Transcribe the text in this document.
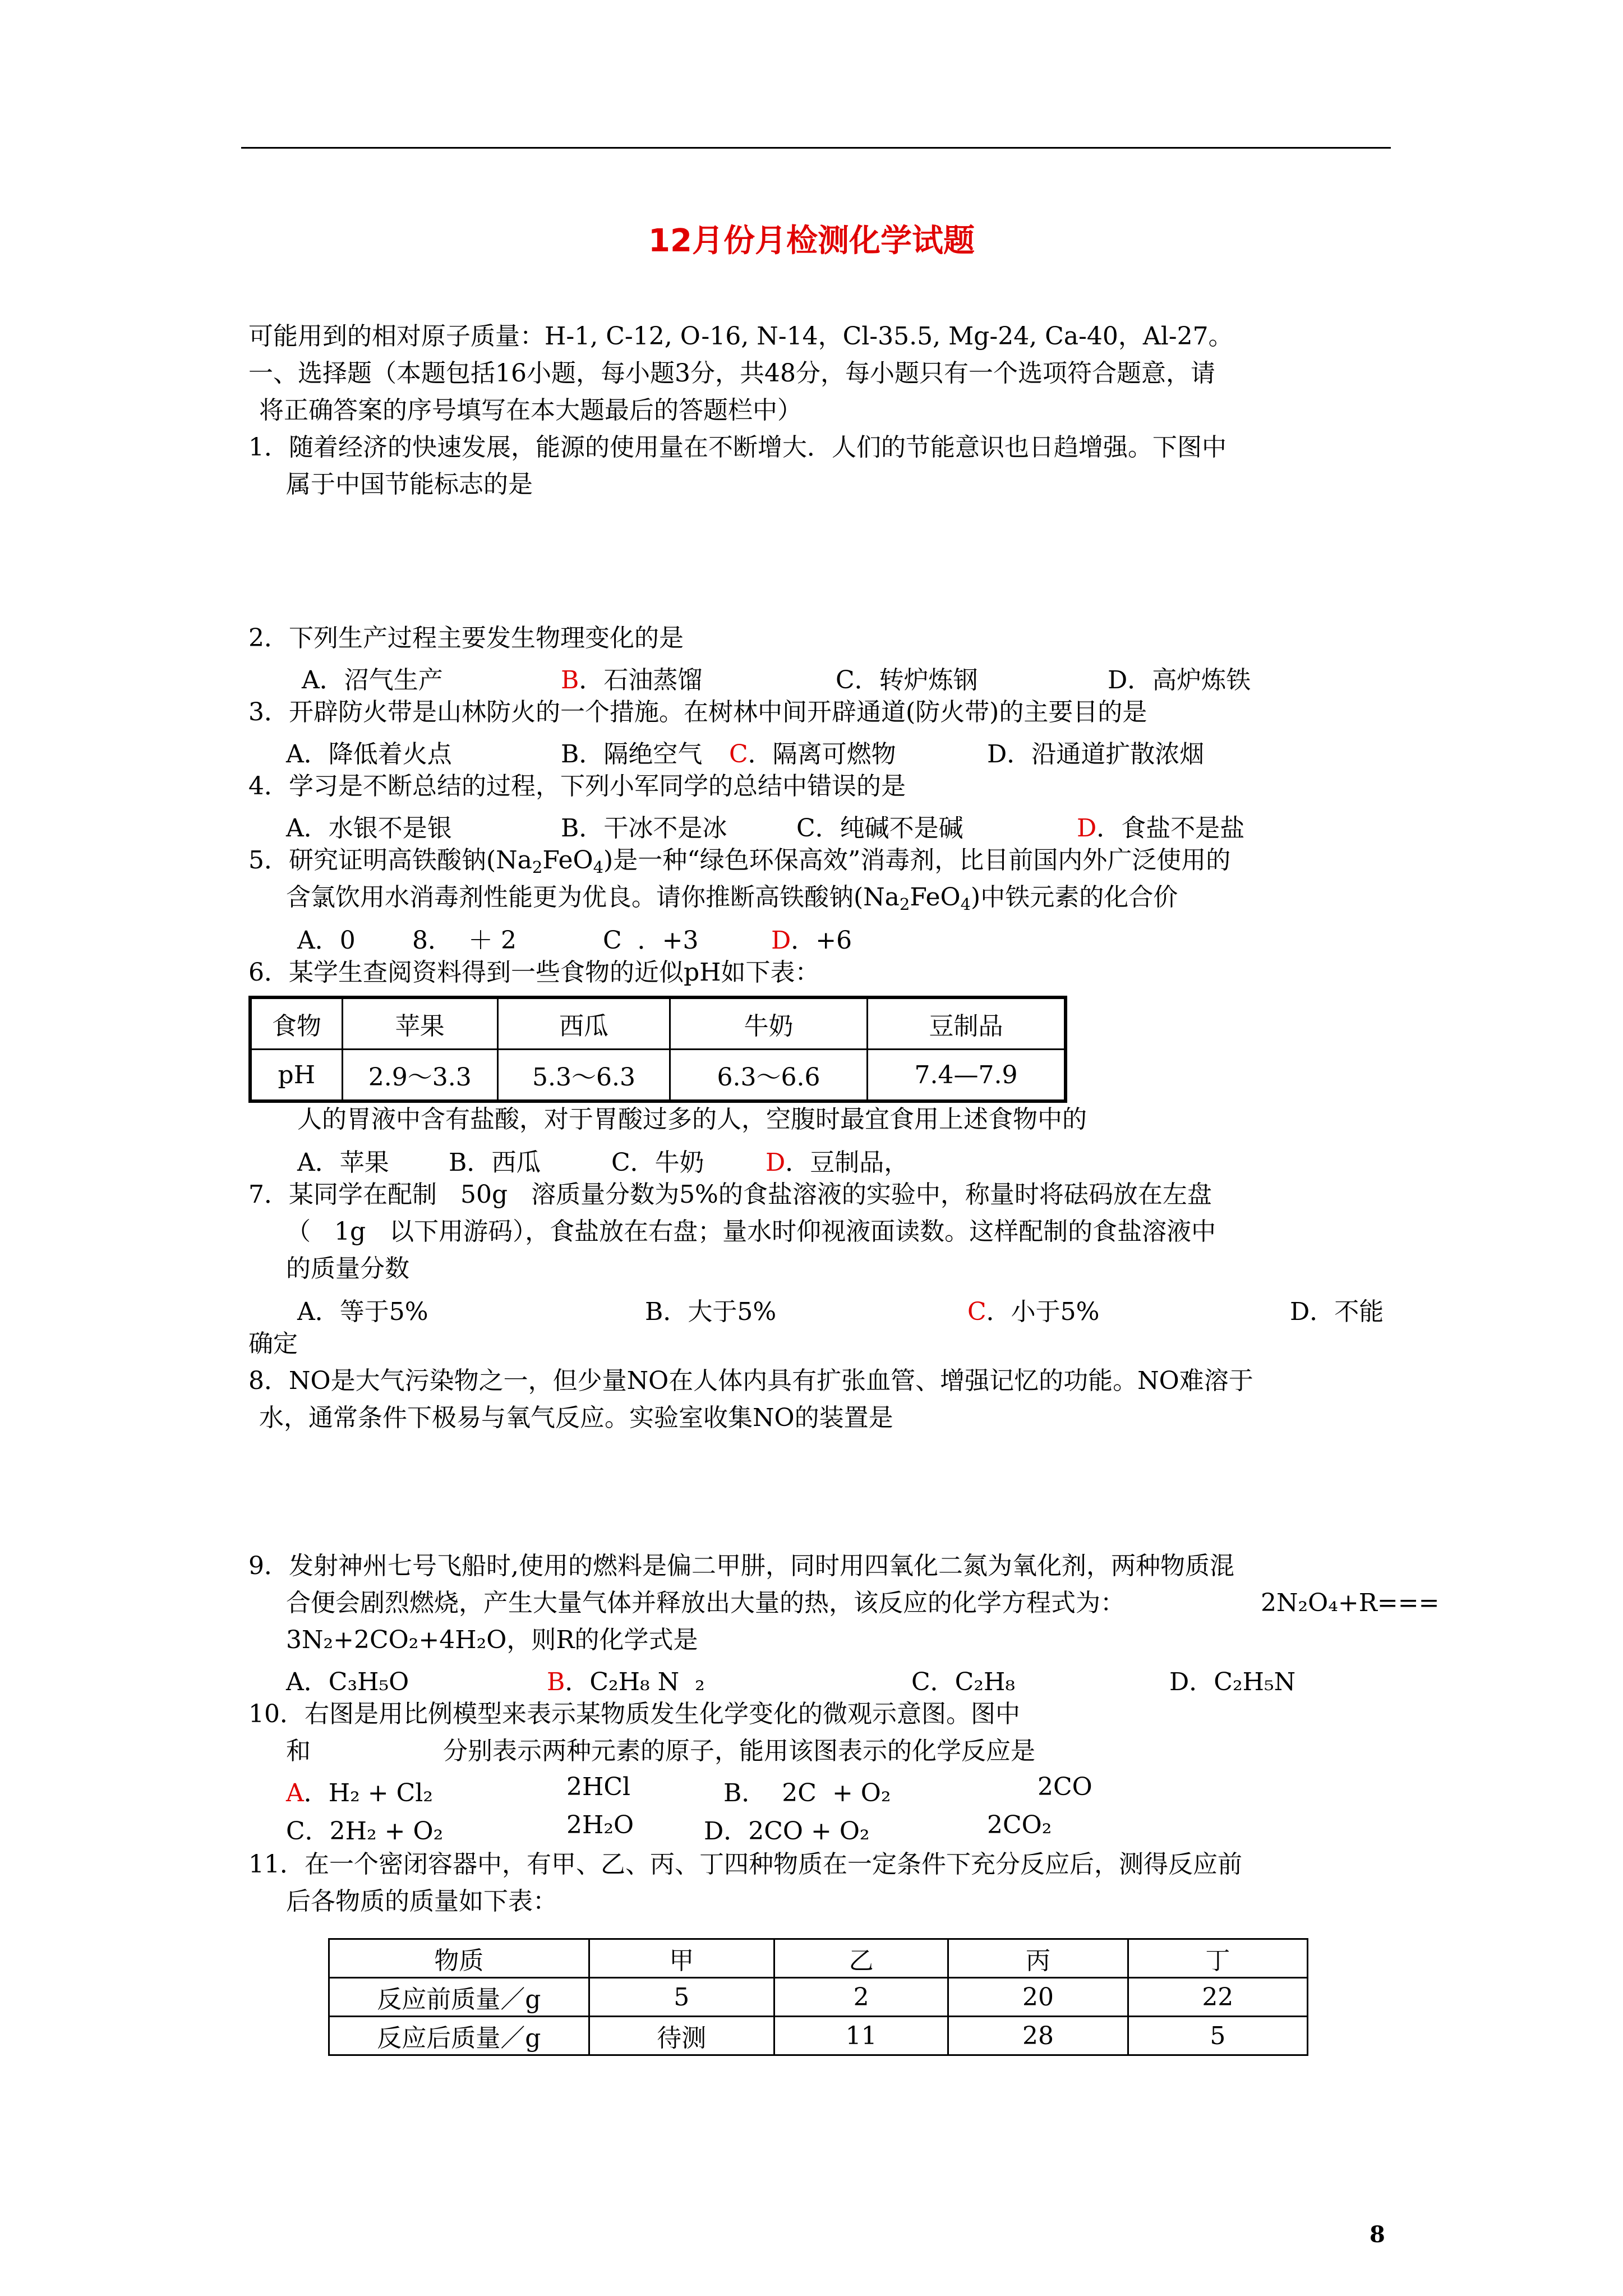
12月份月检测化学试题
可能用到的相对原子质量：H-1, C-12, O-16, N-14，Cl-35.5, Mg-24, Ca-40，Al-27。
一、选择题（本题包括16小题，每小题3分，共48分，每小题只有一个选项符合题意，请
将正确答案的序号填写在本大题最后的答题栏中）
1．随着经济的快速发展，能源的使用量在不断增大．人们的节能意识也日趋增强。下图中
属于中国节能标志的是
2．下列生产过程主要发生物理变化的是
A．沼气生产	B．石油蒸馏	C．转炉炼钢	D．高炉炼铁
3．开辟防火带是山林防火的一个措施。在树林中间开辟通道(防火带)的主要目的是
A．降低着火点	B．隔绝空气 C．隔离可燃物	D．沿通道扩散浓烟
4．学习是不断总结的过程，下列小军同学的总结中错误的是
A．水银不是银	B．干冰不是冰	C．纯碱不是碱	D．食盐不是盐
5．研究证明高铁酸钠$(Na_2FeO_4)$是一种“绿色环保高效”消毒剂，比目前国内外广泛使用的
含氯饮用水消毒剂性能更为优良。请你推断高铁酸钠$(Na_2FeO_4)$中铁元素的化合价
A．0 8．  ＋ 2	C  ．+3	D．+6
6．某学生查阅资料得到一些食物的近似pH如下表：
食物	苹果	西瓜	牛奶	豆制品
pH	2.9～3.3	5.3～6.3	6.3～6.6	7.4—7.9
人的胃液中含有盐酸，对于胃酸过多的人，空腹时最宜食用上述食物中的
A．苹果 B．西瓜	C．牛奶 D．豆制品，
7．某同学在配制   50g   溶质量分数为5%的食盐溶液的实验中，称量时将砝码放在左盘
（   1g   以下用游码），食盐放在右盘；量水时仰视液面读数。这样配制的食盐溶液中
的质量分数
A．等于5%	B．大于5%	C．小于5%	D．不能
确定
8．NO是大气污染物之一，但少量NO在人体内具有扩张血管、增强记忆的功能。NO难溶于
水，通常条件下极易与氧气反应。实验室收集NO的装置是
9．发射神州七号飞船时,使用的燃料是偏二甲肼，同时用四氧化二氮为氧化剂，两种物质混
合便会剧烈燃烧，产生大量气体并释放出大量的热，该反应的化学方程式为：	2N₂O₄+R===
3N₂+2CO₂+4H₂O，则R的化学式是
A．C₃H₅O	B．C₂H₈ N  ₂	C．C₂H₈	D．C₂H₅N
10．右图是用比例模型来表示某物质发生化学变化的微观示意图。图中
和	分别表示两种元素的原子，能用该图表示的化学反应是
A．H₂ + Cl₂	2HCl	B．  2C  + O₂	2CO
C．2H₂ + O₂	2H₂O	D．2CO + O₂	2CO₂
11．在一个密闭容器中，有甲、乙、丙、丁四种物质在一定条件下充分反应后，测得反应前
后各物质的质量如下表：
物质	甲	乙	丙	丁
反应前质量／g	5	2	20	22
反应后质量／g	待测	11	28	5
8
